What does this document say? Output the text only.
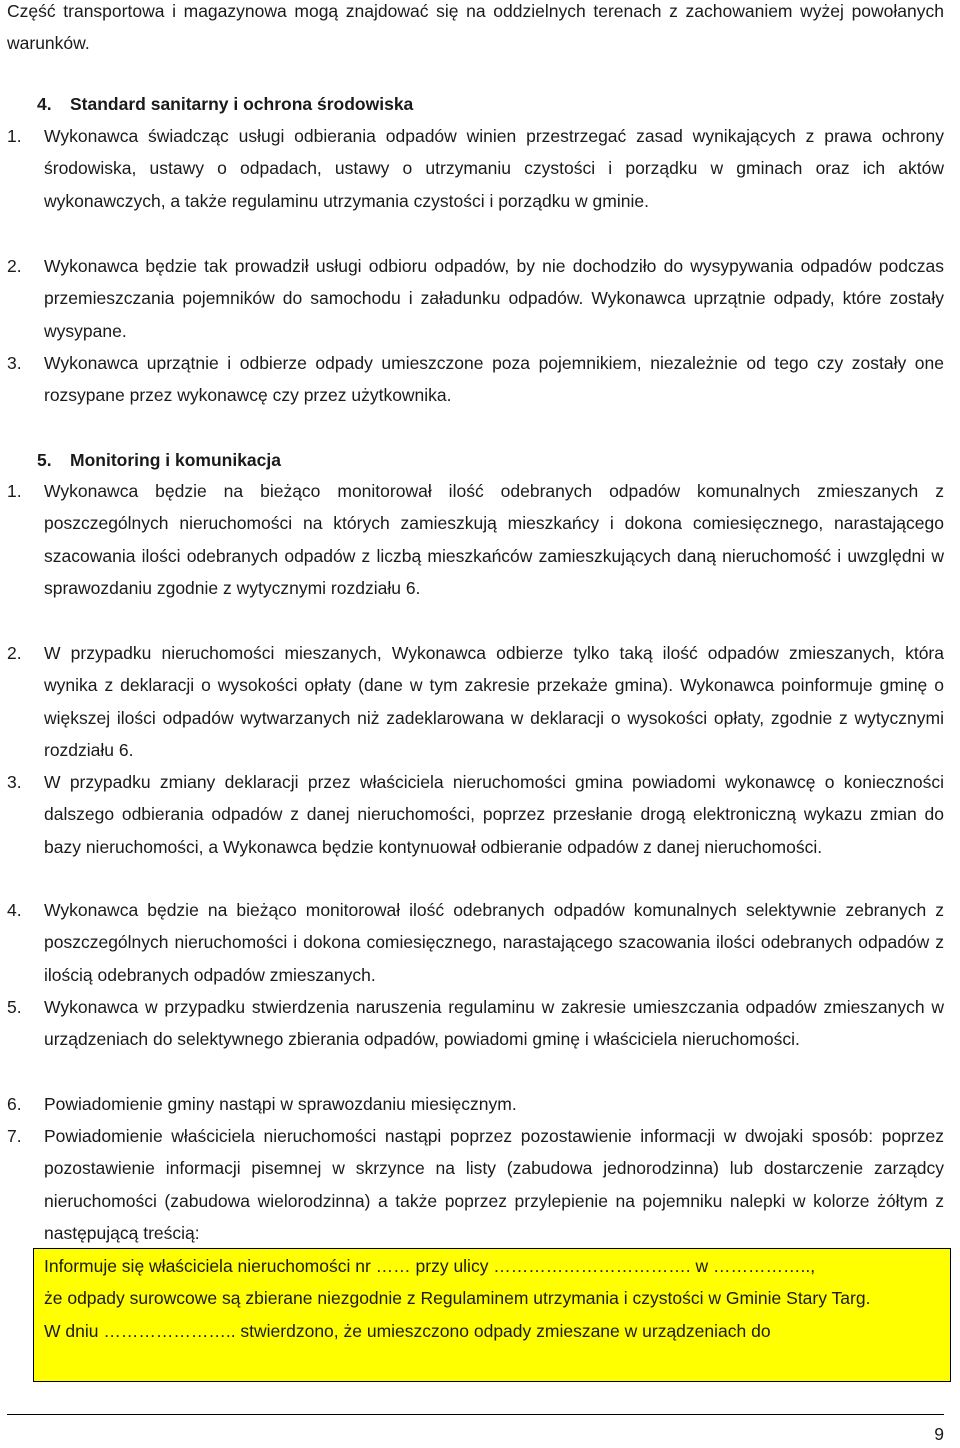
Część transportowa i magazynowa mogą znajdować się na oddzielnych terenach z zachowaniem wyżej powołanych warunków.
4. Standard sanitarny i ochrona środowiska
1. Wykonawca świadcząc usługi odbierania odpadów winien przestrzegać zasad wynikających z prawa ochrony środowiska, ustawy o odpadach, ustawy o utrzymaniu czystości i porządku w gminach oraz ich aktów wykonawczych, a także regulaminu utrzymania czystości i porządku w gminie.
2. Wykonawca będzie tak prowadził usługi odbioru odpadów, by nie dochodziło do wysypywania odpadów podczas przemieszczania pojemników do samochodu i załadunku odpadów. Wykonawca uprzątnie odpady, które zostały wysypane.
3. Wykonawca uprzątnie i odbierze odpady umieszczone poza pojemnikiem, niezależnie od tego czy zostały one rozsypane przez wykonawcę czy przez użytkownika.
5. Monitoring i komunikacja
1. Wykonawca będzie na bieżąco monitorował ilość odebranych odpadów komunalnych zmieszanych z poszczególnych nieruchomości na których zamieszkują mieszkańcy i dokona comiesięcznego, narastającego szacowania ilości odebranych odpadów z liczbą mieszkańców zamieszkujących daną nieruchomość i uwzględni w sprawozdaniu zgodnie z wytycznymi rozdziału 6.
2. W przypadku nieruchomości mieszanych, Wykonawca odbierze tylko taką ilość odpadów zmieszanych, która wynika z deklaracji o wysokości opłaty (dane w tym zakresie przekaże gmina). Wykonawca poinformuje gminę o większej ilości odpadów wytwarzanych niż zadeklarowana w deklaracji o wysokości opłaty, zgodnie z wytycznymi rozdziału 6.
3. W przypadku zmiany deklaracji przez właściciela nieruchomości gmina powiadomi wykonawcę o konieczności dalszego odbierania odpadów z danej nieruchomości, poprzez przesłanie drogą elektroniczną wykazu zmian do bazy nieruchomości, a Wykonawca będzie kontynuował odbieranie odpadów z danej nieruchomości.
4. Wykonawca będzie na bieżąco monitorował ilość odebranych odpadów komunalnych selektywnie zebranych z poszczególnych nieruchomości i dokona comiesięcznego, narastającego szacowania ilości odebranych odpadów z ilością odebranych odpadów zmieszanych.
5. Wykonawca w przypadku stwierdzenia naruszenia regulaminu w zakresie umieszczania odpadów zmieszanych w urządzeniach do selektywnego zbierania odpadów, powiadomi gminę i właściciela nieruchomości.
6. Powiadomienie gminy nastąpi w sprawozdaniu miesięcznym.
7. Powiadomienie właściciela nieruchomości nastąpi poprzez pozostawienie informacji w dwojaki sposób: poprzez pozostawienie informacji pisemnej w skrzynce na listy (zabudowa jednorodzinna) lub dostarczenie zarządcy nieruchomości (zabudowa wielorodzinna) a także poprzez przylepienie na pojemniku nalepki w kolorze żółtym z następującą treścią:
Informuje się właściciela nieruchomości nr …… przy ulicy ……………………………. w ……………..,
że odpady surowcowe są zbierane niezgodnie z Regulaminem utrzymania i czystości w Gminie Stary Targ.
W dniu ………………….. stwierdzono, że umieszczono odpady zmieszane w urządzeniach do
9
